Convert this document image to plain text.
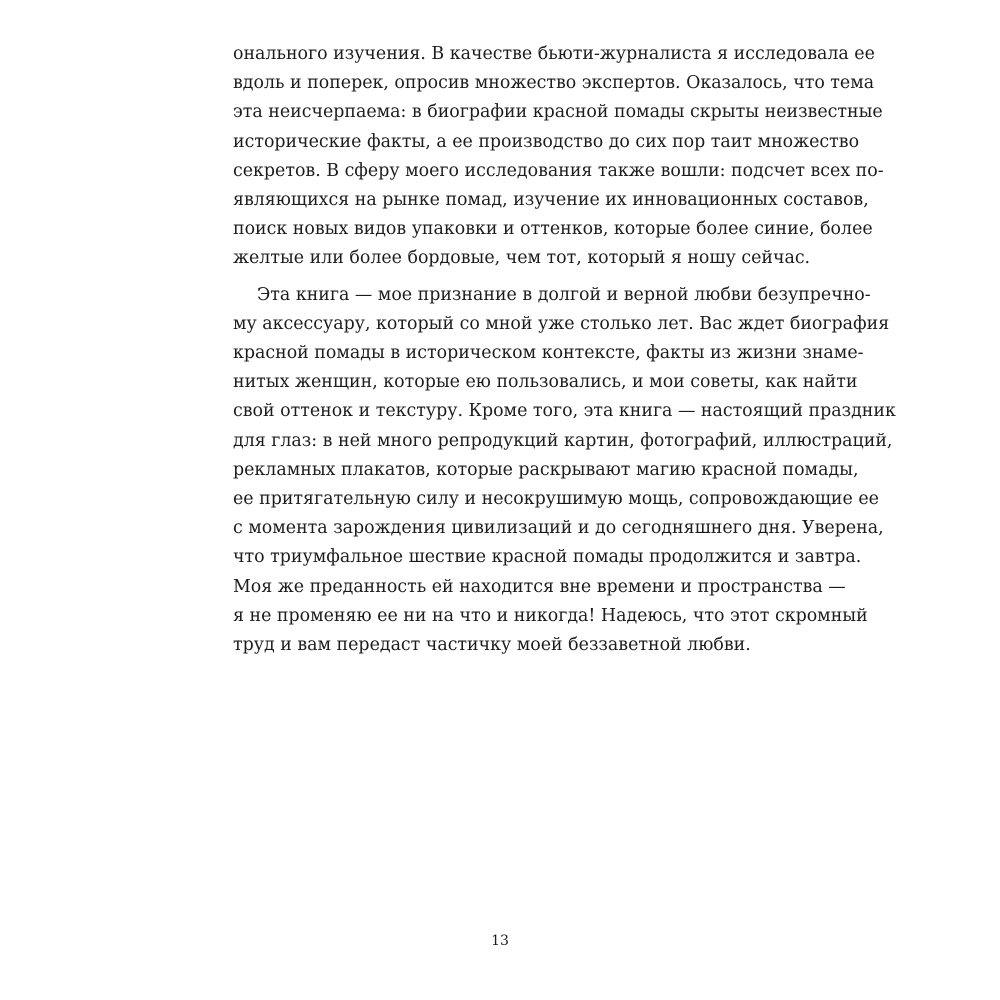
онального изучения. В качестве бьюти-журналиста я исследовала ее
вдоль и поперек, опросив множество экспертов. Оказалось, что тема
эта неисчерпаема: в биографии красной помады скрыты неизвестные
исторические факты, а ее производство до сих пор таит множество
секретов. В сферу моего исследования также вошли: подсчет всех по-
являющихся на рынке помад, изучение их инновационных составов,
поиск новых видов упаковки и оттенков, которые более синие, более
желтые или более бордовые, чем тот, который я ношу сейчас.
Эта книга — мое признание в долгой и верной любви безупречно-
му аксессуару, который со мной уже столько лет. Вас ждет биография
красной помады в историческом контексте, факты из жизни знаме-
нитых женщин, которые ею пользовались, и мои советы, как найти
свой оттенок и текстуру. Кроме того, эта книга — настоящий праздник
для глаз: в ней много репродукций картин, фотографий, иллюстраций,
рекламных плакатов, которые раскрывают магию красной помады,
ее притягательную силу и несокрушимую мощь, сопровождающие ее
с момента зарождения цивилизаций и до сегодняшнего дня. Уверена,
что триумфальное шествие красной помады продолжится и завтра.
Моя же преданность ей находится вне времени и пространства —
я не променяю ее ни на что и никогда! Надеюсь, что этот скромный
труд и вам передаст частичку моей беззаветной любви.
13
